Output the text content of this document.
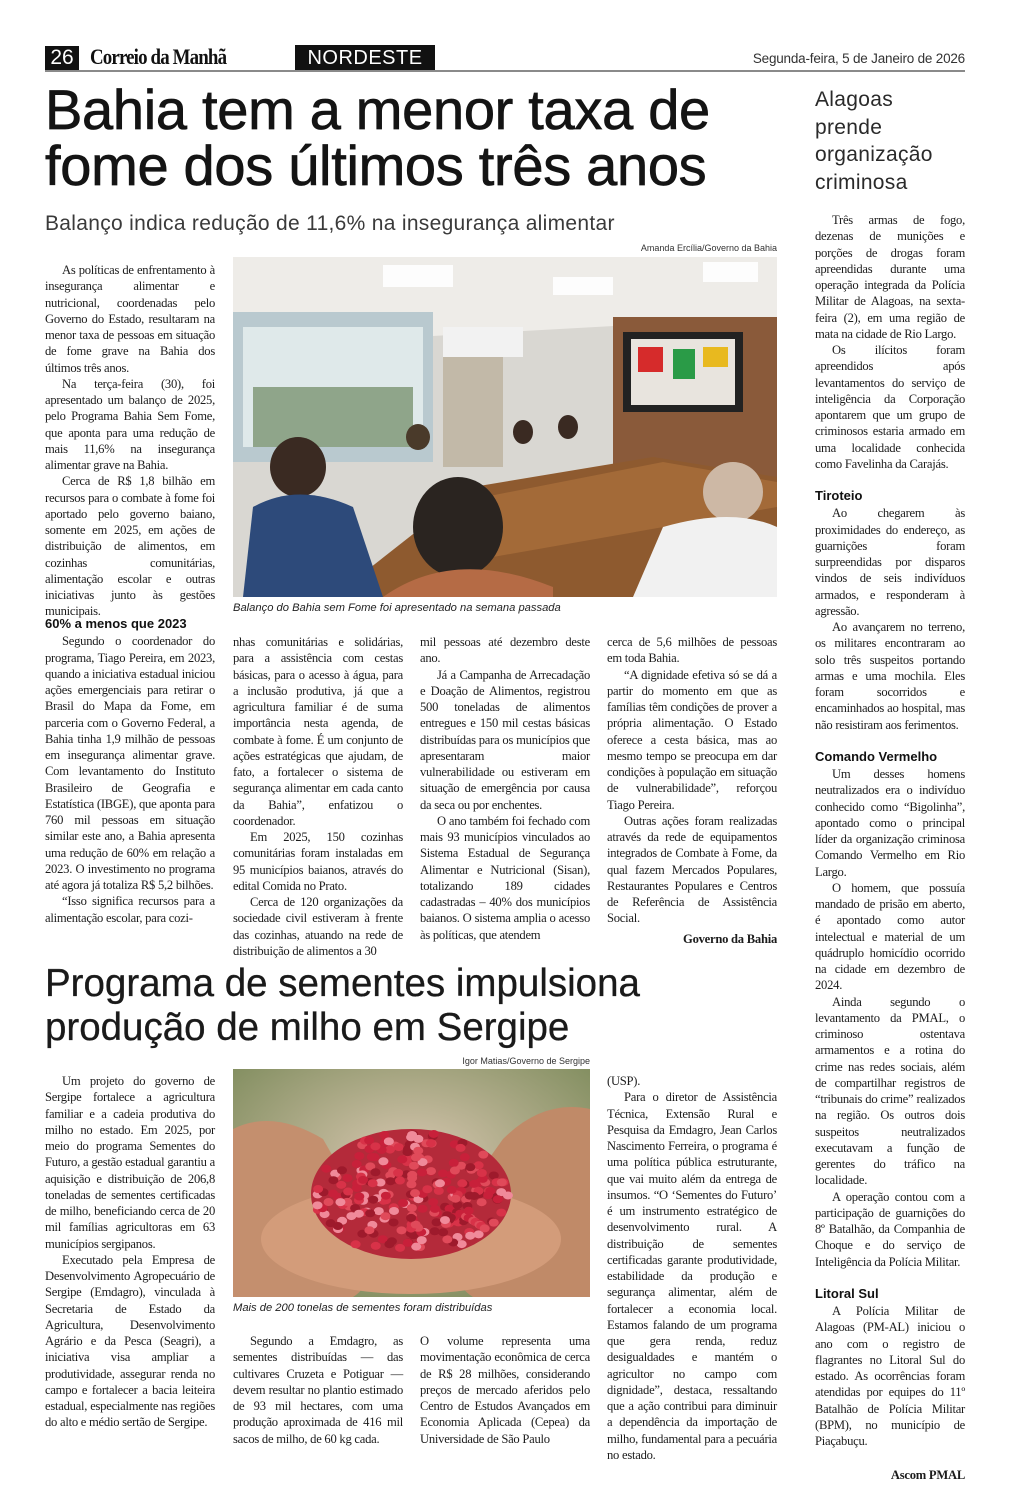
26 Correio da Manhã	NORDESTE	Segunda-feira, 5 de Janeiro de 2026
Bahia tem a menor taxa de fome dos últimos três anos
Balanço indica redução de 11,6% na insegurança alimentar
Amanda Ercília/Governo da Bahia
Balanço do Bahia sem Fome foi apresentado na semana passada

As políticas de enfrentamento à insegurança alimentar e nutricional, coordenadas pelo Governo do Estado, resultaram na menor taxa de pessoas em situação de fome grave na Bahia dos últimos três anos.

Na terça-feira (30), foi apresentado um balanço de 2025, pelo Programa Bahia Sem Fome, que aponta para uma redução de mais 11,6% na insegurança alimentar grave na Bahia.

Cerca de R$ 1,8 bilhão em recursos para o combate à fome foi aportado pelo governo baiano, somente em 2025, em ações de distribuição de alimentos, em cozinhas comunitárias, alimentação escolar e outras iniciativas junto às gestões municipais.

60% a menos que 2023

Segundo o coordenador do programa, Tiago Pereira, em 2023, quando a iniciativa estadual iniciou ações emergenciais para retirar o Brasil do Mapa da Fome, em parceria com o Governo Federal, a Bahia tinha 1,9 milhão de pessoas em insegurança alimentar grave. Com levantamento do Instituto Brasileiro de Geografia e Estatística (IBGE), que aponta para 760 mil pessoas em situação similar este ano, a Bahia apresenta uma redução de 60% em relação a 2023. O investimento no programa até agora já totaliza R$ 5,2 bilhões.

“Isso significa recursos para a alimentação escolar, para cozi-

nhas comunitárias e solidárias, para a assistência com cestas básicas, para o acesso à água, para a inclusão produtiva, já que a agricultura familiar é de suma importância nesta agenda, de combate à fome. É um conjunto de ações estratégicas que ajudam, de fato, a fortalecer o sistema de segurança alimentar em cada canto da Bahia”, enfatizou o coordenador.

Em 2025, 150 cozinhas comunitárias foram instaladas em 95 municípios baianos, através do edital Comida no Prato.

Cerca de 120 organizações da sociedade civil estiveram à frente das cozinhas, atuando na rede de distribuição de alimentos a 30

mil pessoas até dezembro deste ano.

Já a Campanha de Arrecadação e Doação de Alimentos, registrou 500 toneladas de alimentos entregues e 150 mil cestas básicas distribuídas para os municípios que apresentaram maior vulnerabilidade ou estiveram em situação de emergência por causa da seca ou por enchentes.

O ano também foi fechado com mais 93 municípios vinculados ao Sistema Estadual de Segurança Alimentar e Nutricional (Sisan), totalizando 189 cidades cadastradas – 40% dos municípios baianos. O sistema amplia o acesso às políticas, que atendem

cerca de 5,6 milhões de pessoas em toda Bahia.

“A dignidade efetiva só se dá a partir do momento em que as famílias têm condições de prover a própria alimentação. O Estado oferece a cesta básica, mas ao mesmo tempo se preocupa em dar condições à população em situação de vulnerabilidade”, reforçou Tiago Pereira.

Outras ações foram realizadas através da rede de equipamentos integrados de Combate à Fome, da qual fazem Mercados Populares, Restaurantes Populares e Centros de Referência de Assistência Social.

Governo da Bahia
Programa de sementes impulsiona produção de milho em Sergipe
Igor Matias/Governo de Sergipe
Mais de 200 tonelas de sementes foram distribuídas

Um projeto do governo de Sergipe fortalece a agricultura familiar e a cadeia produtiva do milho no estado. Em 2025, por meio do programa Sementes do Futuro, a gestão estadual garantiu a aquisição e distribuição de 206,8 toneladas de sementes certificadas de milho, beneficiando cerca de 20 mil famílias agricultoras em 63 municípios sergipanos.

Executado pela Empresa de Desenvolvimento Agropecuário de Sergipe (Emdagro), vinculada à Secretaria de Estado da Agricultura, Desenvolvimento Agrário e da Pesca (Seagri), a iniciativa visa ampliar a produtividade, assegurar renda no campo e fortalecer a bacia leiteira estadual, especialmente nas regiões do alto e médio sertão de Sergipe.

Segundo a Emdagro, as sementes distribuídas — das cultivares Cruzeta e Potiguar — devem resultar no plantio estimado de 93 mil hectares, com uma produção aproximada de 416 mil sacos de milho, de 60 kg cada.

O volume representa uma movimentação econômica de cerca de R$ 28 milhões, considerando preços de mercado aferidos pelo Centro de Estudos Avançados em Economia Aplicada (Cepea) da Universidade de São Paulo

(USP).

Para o diretor de Assistência Técnica, Extensão Rural e Pesquisa da Emdagro, Jean Carlos Nascimento Ferreira, o programa é uma política pública estruturante, que vai muito além da entrega de insumos. “O ‘Sementes do Futuro’ é um instrumento estratégico de desenvolvimento rural. A distribuição de sementes certificadas garante produtividade, estabilidade da produção e segurança alimentar, além de fortalecer a economia local. Estamos falando de um programa que gera renda, reduz desigualdades e mantém o agricultor no campo com dignidade”, destaca, ressaltando que a ação contribui para diminuir a dependência da importação de milho, fundamental para a pecuária no estado.

Alagoas prende organização criminosa

Três armas de fogo, dezenas de munições e porções de drogas foram apreendidas durante uma operação integrada da Polícia Militar de Alagoas, na sexta-feira (2), em uma região de mata na cidade de Rio Largo.

Os ilícitos foram apreendidos após levantamentos do serviço de inteligência da Corporação apontarem que um grupo de criminosos estaria armado em uma localidade conhecida como Favelinha da Carajás.

Tiroteio

Ao chegarem às proximidades do endereço, as guarnições foram surpreendidas por disparos vindos de seis indivíduos armados, e responderam à agressão.

Ao avançarem no terreno, os militares encontraram ao solo três suspeitos portando armas e uma mochila. Eles foram socorridos e encaminhados ao hospital, mas não resistiram aos ferimentos.

Comando Vermelho

Um desses homens neutralizados era o indivíduo conhecido como “Bigolinha”, apontado como o principal líder da organização criminosa Comando Vermelho em Rio Largo.

O homem, que possuía mandado de prisão em aberto, é apontado como autor intelectual e material de um quádruplo homicídio ocorrido na cidade em dezembro de 2024.

Ainda segundo o levantamento da PMAL, o criminoso ostentava armamentos e a rotina do crime nas redes sociais, além de compartilhar registros de “tribunais do crime” realizados na região. Os outros dois suspeitos neutralizados executavam a função de gerentes do tráfico na localidade.

A operação contou com a participação de guarnições do 8º Batalhão, da Companhia de Choque e do serviço de Inteligência da Polícia Militar.

Litoral Sul

A Polícia Militar de Alagoas (PM-AL) iniciou o ano com o registro de flagrantes no Litoral Sul do estado. As ocorrências foram atendidas por equipes do 11º Batalhão de Polícia Militar (BPM), no município de Piaçabuçu.

Ascom PMAL
